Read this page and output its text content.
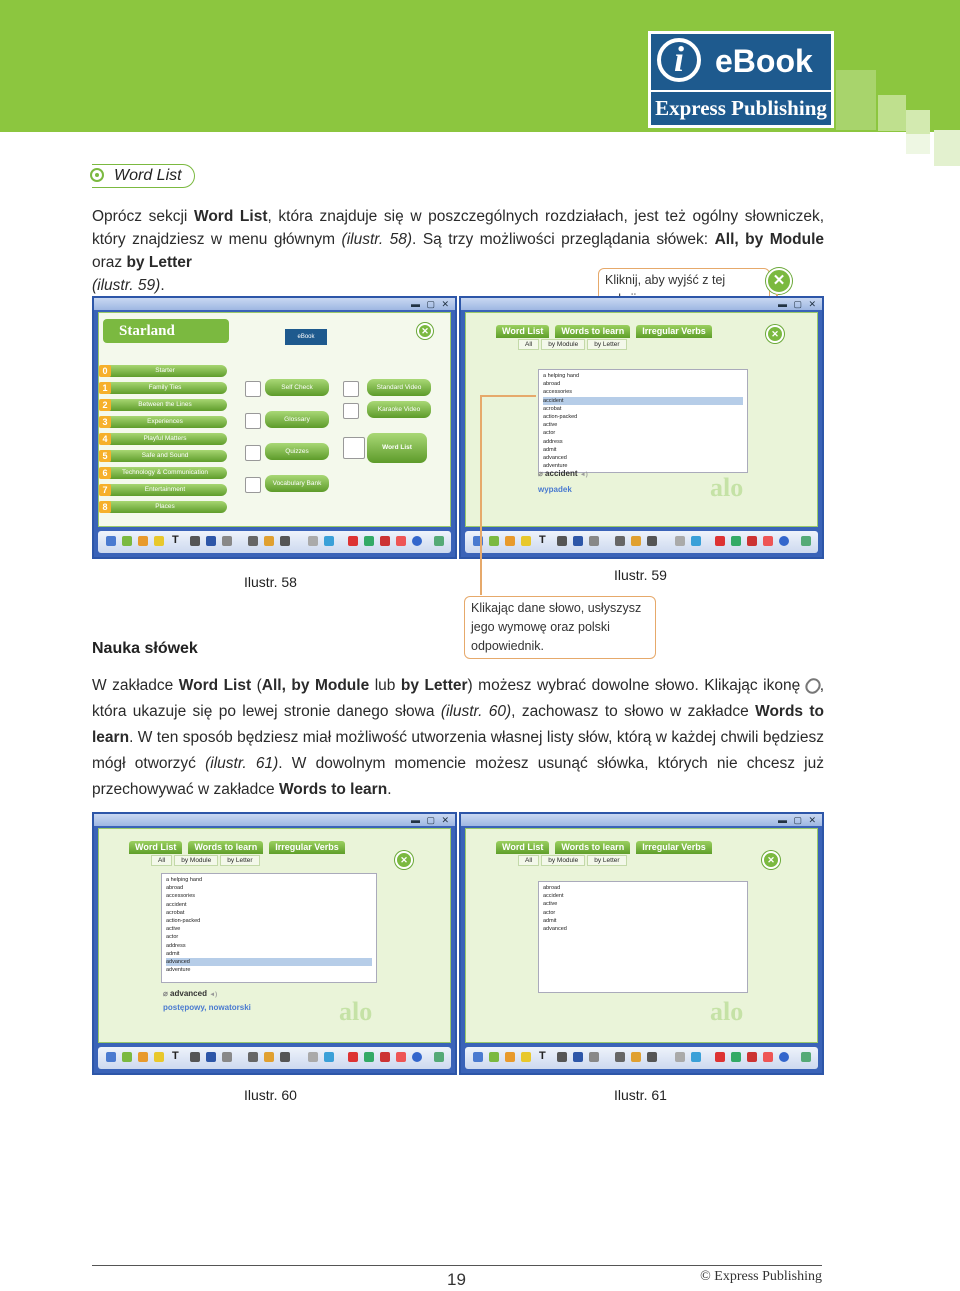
i eBook
Express Publishing
Word List
Oprócz sekcji Word List, która znajduje się w poszczególnych rozdziałach, jest też ogólny słowniczek, który znajdziesz w menu głównym (ilustr. 58). Są trzy możliwości przeglądania słówek: All, by Module oraz by Letter
(ilustr. 59).	Kliknij, aby wyjść z tej	✕
▬ ▢ ✕
Starland	eBook
✕
0	Starter
1	Family Ties
2	Between the Lines
3	Experiences
4	Playful Matters
5	Safe and Sound
6	Technology & Communication
7	Entertainment
8	Places
Self Check
Glossary
Quizzes
Vocabulary Bank
Standard Video
Karaoke Video
Word List
T
▬ ▢ ✕
Word List Words to learn Irregular Verbs	✕
All by Module by Letter
a helping hand
abroad
accessories
accident
acrobat
action-packed
active
actor
address
admit
advanced
adventure
⌀ accident ◄)
wypadek	alo
T
Ilustr. 58	Ilustr. 59
Klikając dane słowo, usłyszysz jego wymowę oraz polski odpowiednik.
Nauka słówek
W zakładce Word List (All, by Module lub by Letter) możesz wybrać dowolne słowo. Klikając ikonę , która ukazuje się po lewej stronie danego słowa (ilustr. 60), zachowasz to słowo w zakładce Words to learn. W ten sposób będziesz miał możliwość utworzenia własnej listy słów, którą w każdej chwili będziesz mógł otworzyć (ilustr. 61). W dowolnym momencie możesz usunąć słówka, których nie chcesz już przechowywać w zakładce Words to learn.
▬ ▢ ✕
Word List Words to learn Irregular Verbs
✕
All by Module by Letter
a helping hand
abroad
accessories
accident
acrobat
action-packed
active
actor
address
admit
advanced
adventure
⌀ advanced ◄)
postępowy, nowatorski	alo
T
▬ ▢ ✕
Word List Words to learn Irregular Verbs
✕
All by Module by Letter
abroad
accident
active
actor
admit
advanced
alo
T
Ilustr. 60	Ilustr. 61
19	© Express Publishing
